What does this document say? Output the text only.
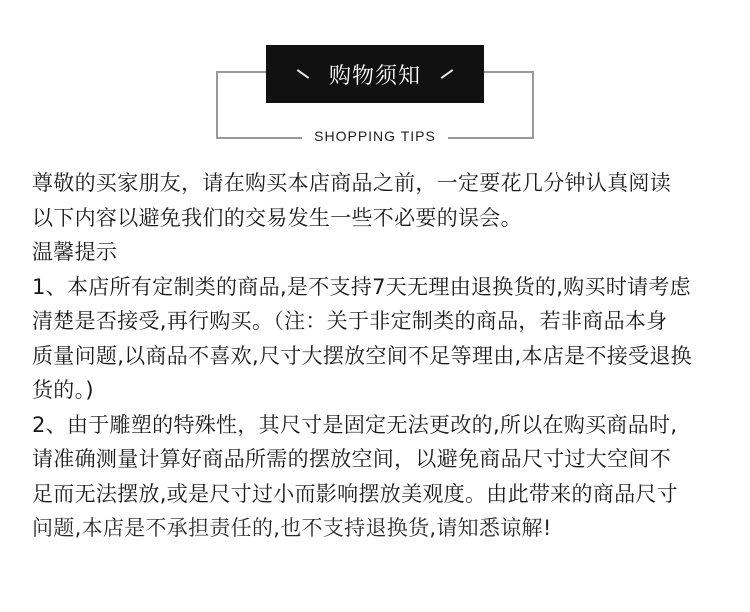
购物须知
SHOPPING TIPS
尊敬的买家朋友，请在购买本店商品之前，一定要花几分钟认真阅读
以下内容以避免我们的交易发生一些不必要的误会。
温馨提示
1、本店所有定制类的商品,是不支持7天无理由退换货的,购买时请考虑
清楚是否接受,再行购买。（注：关于非定制类的商品，若非商品本身
质量问题,以商品不喜欢,尺寸大摆放空间不足等理由,本店是不接受退换
货的。)
2、由于雕塑的特殊性，其尺寸是固定无法更改的,所以在购买商品时,
请准确测量计算好商品所需的摆放空间，以避免商品尺寸过大空间不
足而无法摆放,或是尺寸过小而影响摆放美观度。由此带来的商品尺寸
问题,本店是不承担责任的,也不支持退换货,请知悉谅解!
